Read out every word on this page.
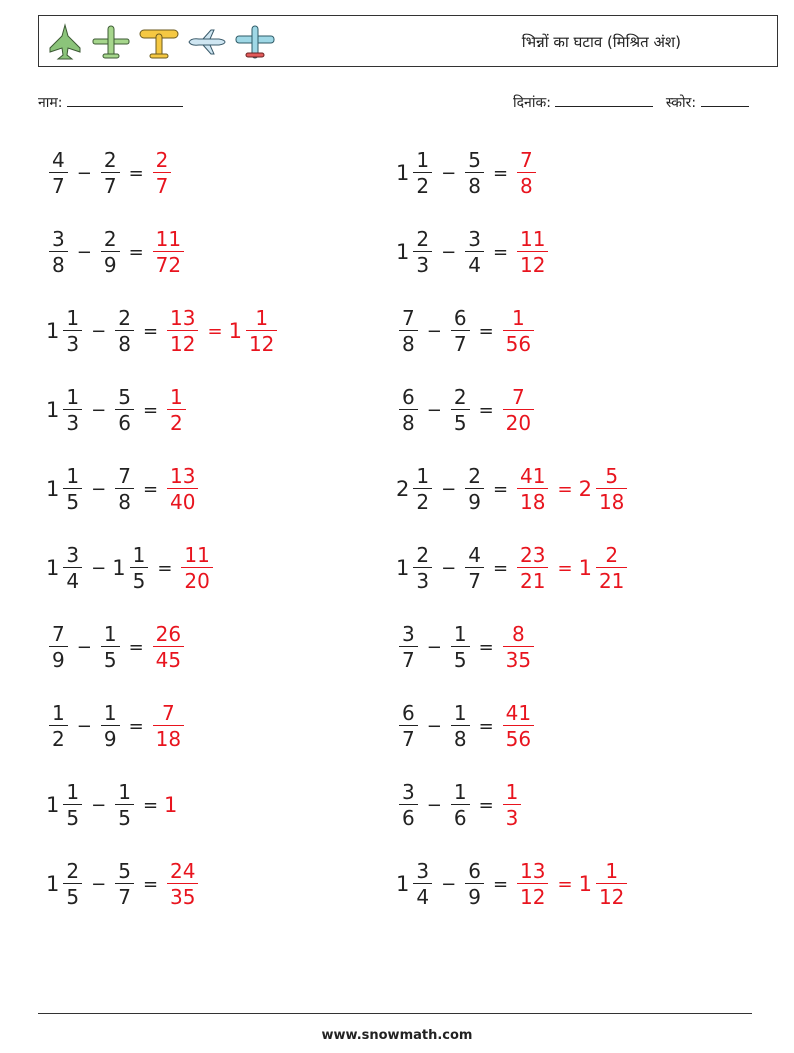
भिन्नों का घटाव (मिश्रित अंश)
नाम:	दिनांक:	स्कोर:
$\frac{4}{7} - \frac{2}{7} = \frac{2}{7}$	$1 \frac{1}{2} - \frac{5}{8} = \frac{7}{8}$
$\frac{3}{8} - \frac{2}{9} = \frac{11}{72}$	$1 \frac{2}{3} - \frac{3}{4} = \frac{11}{12}$
$1 \frac{1}{3} - \frac{2}{8} = \frac{13}{12} = 1 \frac{1}{12}$	$\frac{7}{8} - \frac{6}{7} = \frac{1}{56}$
$1 \frac{1}{3} - \frac{5}{6} = \frac{1}{2}$	$\frac{6}{8} - \frac{2}{5} = \frac{7}{20}$
$1 \frac{1}{5} - \frac{7}{8} = \frac{13}{40}$	$2 \frac{1}{2} - \frac{2}{9} = \frac{41}{18} = 2 \frac{5}{18}$
$1 \frac{3}{4} - 1 \frac{1}{5} = \frac{11}{20}$	$1 \frac{2}{3} - \frac{4}{7} = \frac{23}{21} = 1 \frac{2}{21}$
$\frac{7}{9} - \frac{1}{5} = \frac{26}{45}$	$\frac{3}{7} - \frac{1}{5} = \frac{8}{35}$
$\frac{1}{2} - \frac{1}{9} = \frac{7}{18}$	$\frac{6}{7} - \frac{1}{8} = \frac{41}{56}$
$1 \frac{1}{5} - \frac{1}{5} = 1$	$\frac{3}{6} - \frac{1}{6} = \frac{1}{3}$
$1 \frac{2}{5} - \frac{5}{7} = \frac{24}{35}$	$1 \frac{3}{4} - \frac{6}{9} = \frac{13}{12} = 1 \frac{1}{12}$
www.snowmath.com
